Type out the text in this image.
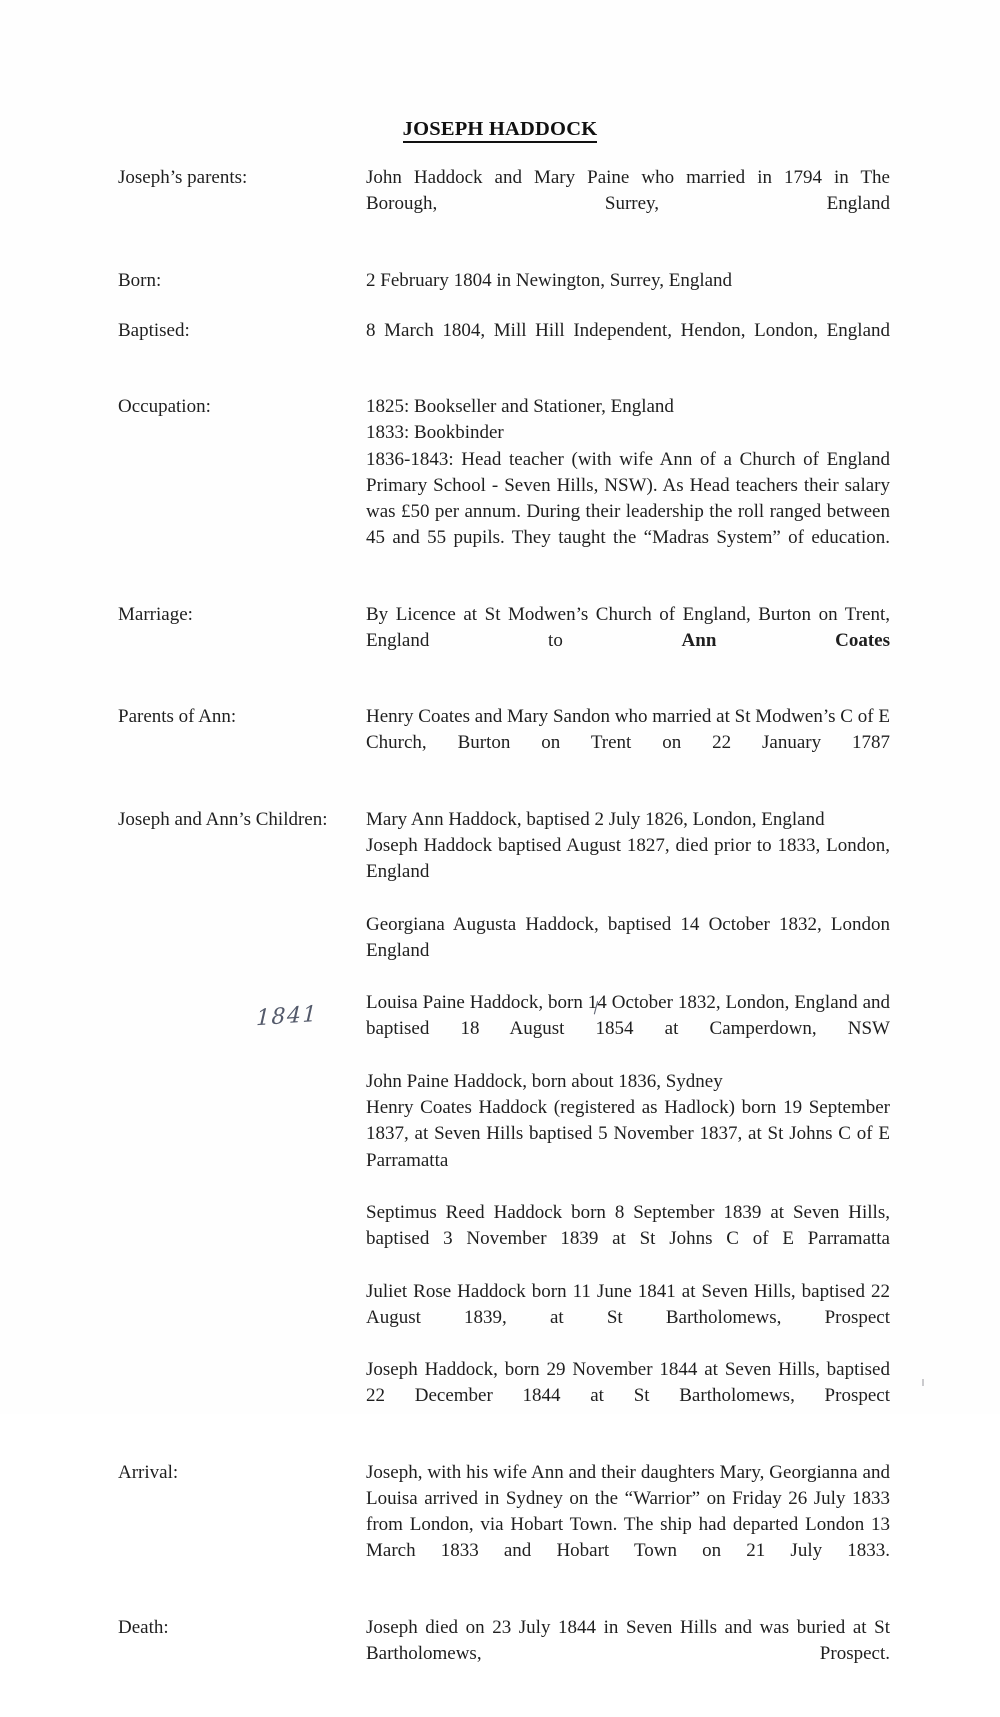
JOSEPH HADDOCK
Joseph’s parents:	John Haddock and Mary Paine who married in 1794 in The Borough, Surrey, England

Born:	2 February 1804 in Newington, Surrey, England

Baptised:	8 March 1804, Mill Hill Independent, Hendon, London, England

Occupation:	1825: Bookseller and Stationer, England

1833: Bookbinder

1836-1843: Head teacher (with wife Ann of a Church of England Primary School - Seven Hills, NSW). As Head teachers their salary was £50 per annum. During their leadership the roll ranged between 45 and 55 pupils. They taught the “Madras System” of education.

Marriage:	By Licence at St Modwen’s Church of England, Burton on Trent, England to Ann Coates

Parents of Ann:	Henry Coates and Mary Sandon who married at St Modwen’s C of E Church, Burton on Trent on 22 January 1787

Joseph and Ann’s Children:	Mary Ann Haddock, baptised 2 July 1826, London, England

Joseph Haddock baptised August 1827, died prior to 1833, London, England

Georgiana Augusta Haddock, baptised 14 October 1832, London England

Louisa Paine Haddock, born 14 October 1832, London, England and baptised 18 August 1854 at Camperdown, NSW

John Paine Haddock, born about 1836, Sydney

Henry Coates Haddock (registered as Hadlock) born 19 September 1837, at Seven Hills baptised 5 November 1837, at St Johns C of E Parramatta

Septimus Reed Haddock born 8 September 1839 at Seven Hills, baptised 3 November 1839 at St Johns C of E Parramatta

Juliet Rose Haddock born 11 June 1841 at Seven Hills, baptised 22 August 1839, at St Bartholomews, Prospect

Joseph Haddock, born 29 November 1844 at Seven Hills, baptised 22 December 1844 at St Bartholomews, Prospect

Arrival:	Joseph, with his wife Ann and their daughters Mary, Georgianna and Louisa arrived in Sydney on the “Warrior” on Friday 26 July 1833 from London, via Hobart Town. The ship had departed London 13 March 1833 and Hobart Town on 21 July 1833.

Death:	Joseph died on 23 July 1844 in Seven Hills and was buried at St Bartholomews, Prospect.

1841
